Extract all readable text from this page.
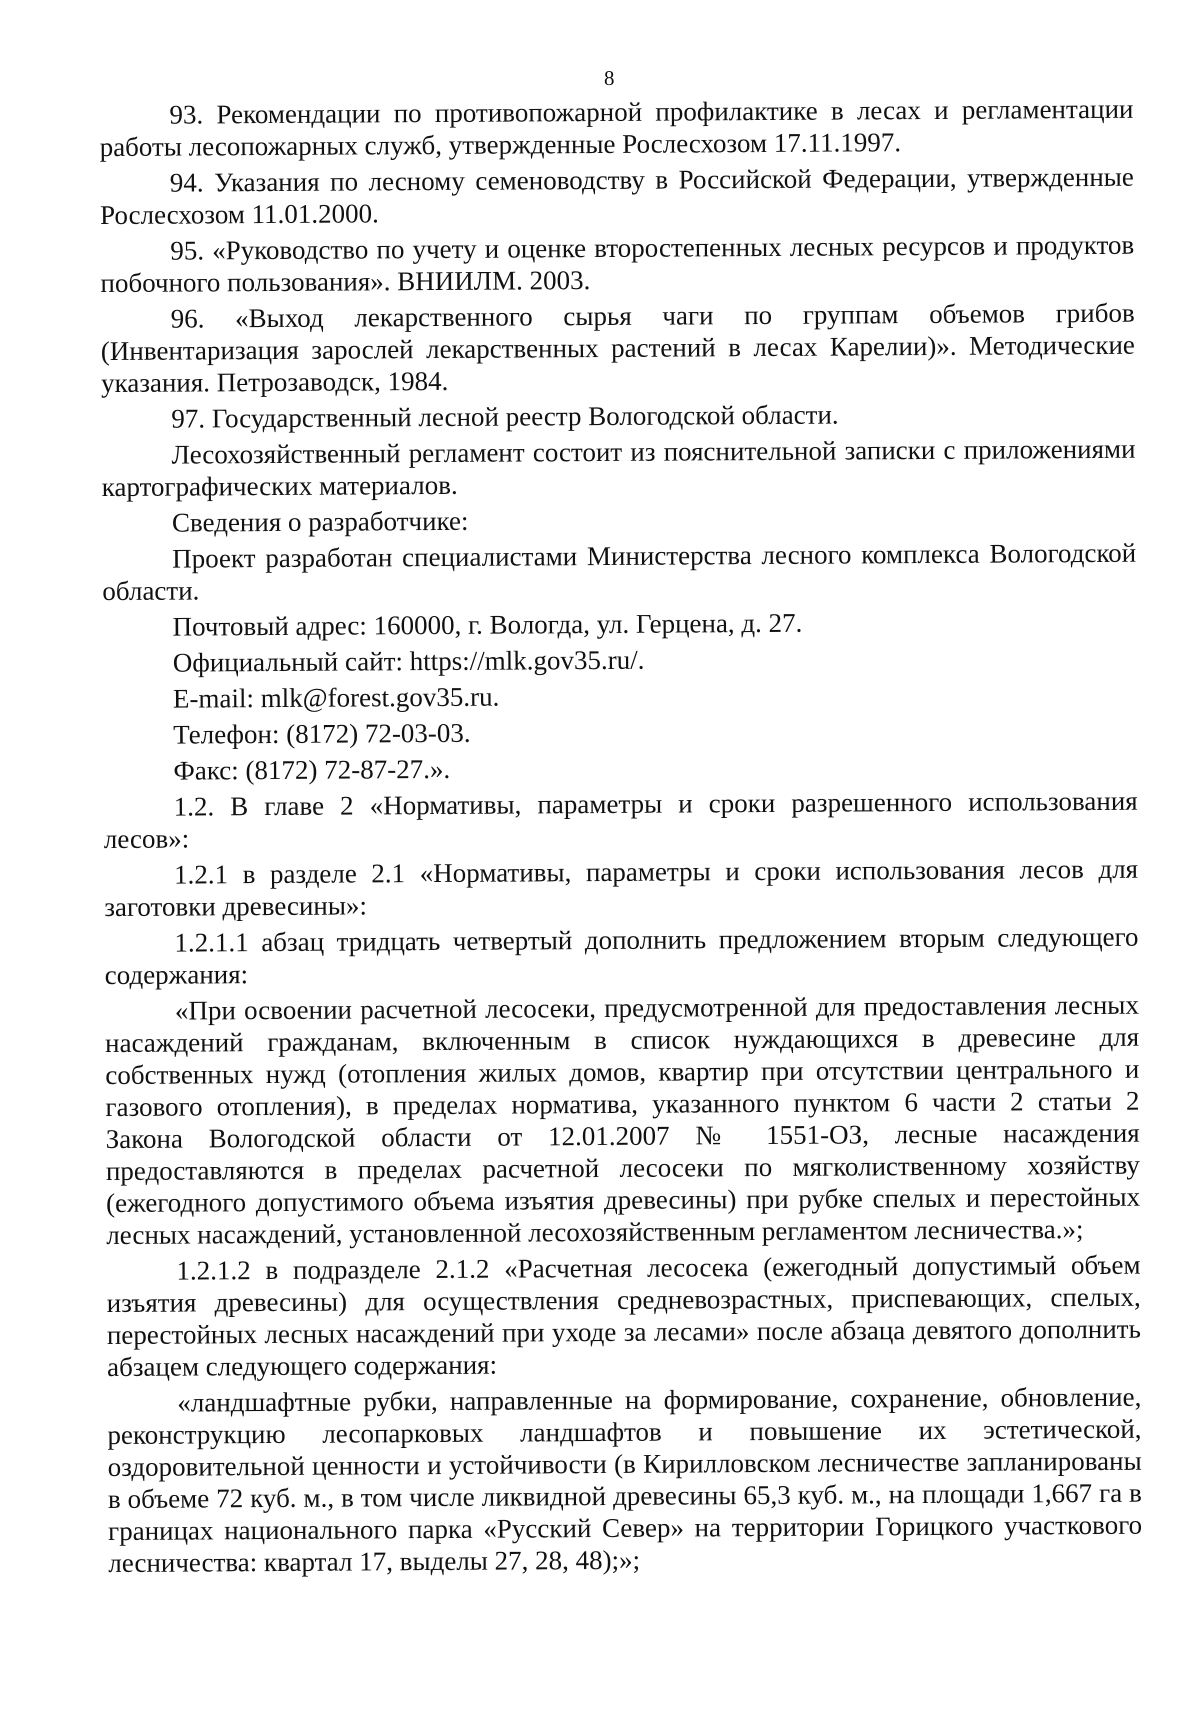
8

93. Рекомендации по противопожарной профилактике в лесах и регламентации работы лесопожарных служб, утвержденные Рослесхозом 17.11.1997.

94. Указания по лесному семеноводству в Российской Федерации, утвержденные Рослесхозом 11.01.2000.

95. «Руководство по учету и оценке второстепенных лесных ресурсов и продуктов побочного пользования». ВНИИЛМ. 2003.

96. «Выход лекарственного сырья чаги по группам объемов грибов (Инвентаризация зарослей лекарственных растений в лесах Карелии)». Методические указания. Петрозаводск, 1984.

97. Государственный лесной реестр Вологодской области.

Лесохозяйственный регламент состоит из пояснительной записки с приложениями картографических материалов.

Сведения о разработчике:

Проект разработан специалистами Министерства лесного комплекса Вологодской области.

Почтовый адрес: 160000, г. Вологда, ул. Герцена, д. 27.

Официальный сайт: https://mlk.gov35.ru/.

E-mail: mlk@forest.gov35.ru.

Телефон: (8172) 72-03-03.

Факс: (8172) 72-87-27.».

1.2. В главе 2 «Нормативы, параметры и сроки разрешенного использования лесов»:

1.2.1 в разделе 2.1 «Нормативы, параметры и сроки использования лесов для заготовки древесины»:

1.2.1.1 абзац тридцать четвертый дополнить предложением вторым следующего содержания:

«При освоении расчетной лесосеки, предусмотренной для предоставления лесных насаждений гражданам, включенным в список нуждающихся в древесине для собственных нужд (отопления жилых домов, квартир при отсутствии центрального и газового отопления), в пределах норматива, указанного пунктом 6 части 2 статьи 2 Закона Вологодской области от 12.01.2007 № 1551-ОЗ, лесные насаждения предоставляются в пределах расчетной лесосеки по мягколиственному хозяйству (ежегодного допустимого объема изъятия древесины) при рубке спелых и перестойных лесных насаждений, установленной лесохозяйственным регламентом лесничества.»;

1.2.1.2 в подразделе 2.1.2 «Расчетная лесосека (ежегодный допустимый объем изъятия древесины) для осуществления средневозрастных, приспевающих, спелых, перестойных лесных насаждений при уходе за лесами» после абзаца девятого дополнить абзацем следующего содержания:

«ландшафтные рубки, направленные на формирование, сохранение, обновление, реконструкцию лесопарковых ландшафтов и повышение их эстетической, оздоровительной ценности и устойчивости (в Кирилловском лесничестве запланированы в объеме 72 куб. м., в том числе ликвидной древесины 65,3 куб. м., на площади 1,667 га в границах национального парка «Русский Север» на территории Горицкого участкового лесничества: квартал 17, выделы 27, 28, 48);»;
